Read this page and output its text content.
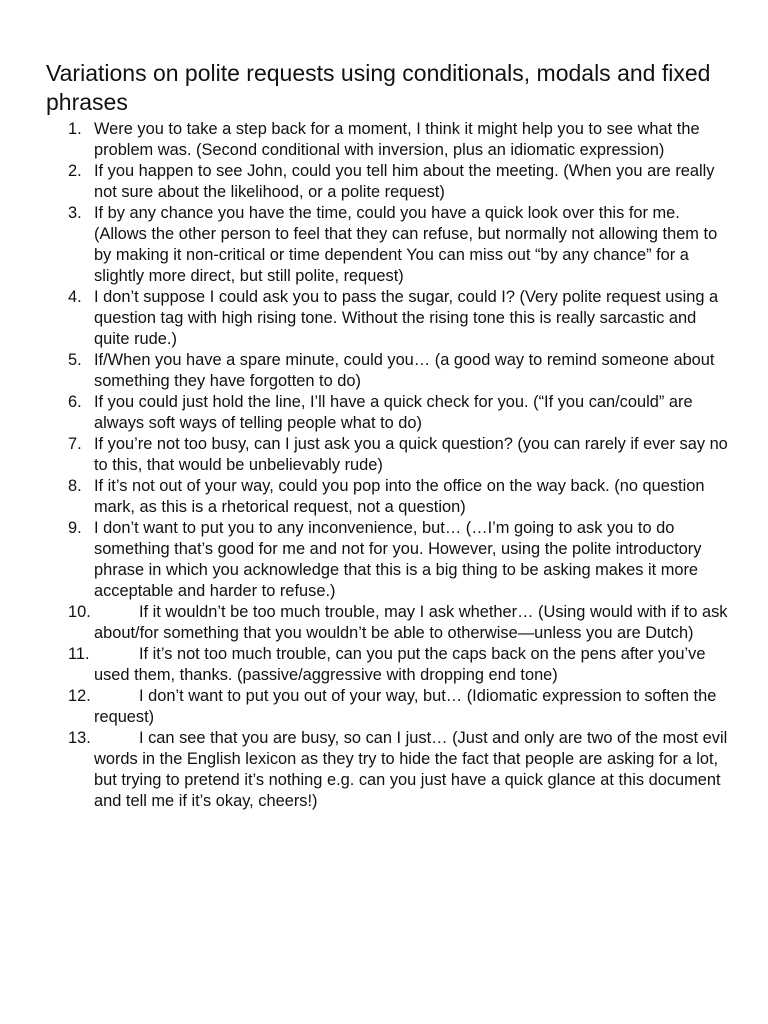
Variations on polite requests using conditionals, modals and fixed phrases
1. Were you to take a step back for a moment, I think it might help you to see what the problem was. (Second conditional with inversion, plus an idiomatic expression)
2. If you happen to see John, could you tell him about the meeting. (When you are really not sure about the likelihood, or a polite request)
3. If by any chance you have the time, could you have a quick look over this for me. (Allows the other person to feel that they can refuse, but normally not allowing them to by making it non-critical or time dependent You can miss out “by any chance” for a slightly more direct, but still polite, request)
4. I don’t suppose I could ask you to pass the sugar, could I? (Very polite request using a question tag with high rising tone. Without the rising tone this is really sarcastic and quite rude.)
5. If/When you have a spare minute, could you… (a good way to remind someone about something they have forgotten to do)
6. If you could just hold the line, I’ll have a quick check for you. (“If you can/could” are always soft ways of telling people what to do)
7. If you’re not too busy, can I just ask you a quick question? (you can rarely if ever say no to this, that would be unbelievably rude)
8. If it’s not out of your way, could you pop into the office on the way back. (no question mark, as this is a rhetorical request, not a question)
9. I don’t want to put you to any inconvenience, but… (…I’m going to ask you to do something that’s good for me and not for you. However, using the polite introductory phrase in which you acknowledge that this is a big thing to be asking makes it more acceptable and harder to refuse.)
10.	If it wouldn’t be too much trouble, may I ask whether… (Using would with if to ask about/for something that you wouldn’t be able to otherwise—unless you are Dutch)
11.	If it’s not too much trouble, can you put the caps back on the pens after you’ve used them, thanks. (passive/aggressive with dropping end tone)
12.	I don’t want to put you out of your way, but… (Idiomatic expression to soften the request)
13.	I can see that you are busy, so can I just… (Just and only are two of the most evil words in the English lexicon as they try to hide the fact that people are asking for a lot, but trying to pretend it’s nothing e.g. can you just have a quick glance at this document and tell me if it’s okay, cheers!)
